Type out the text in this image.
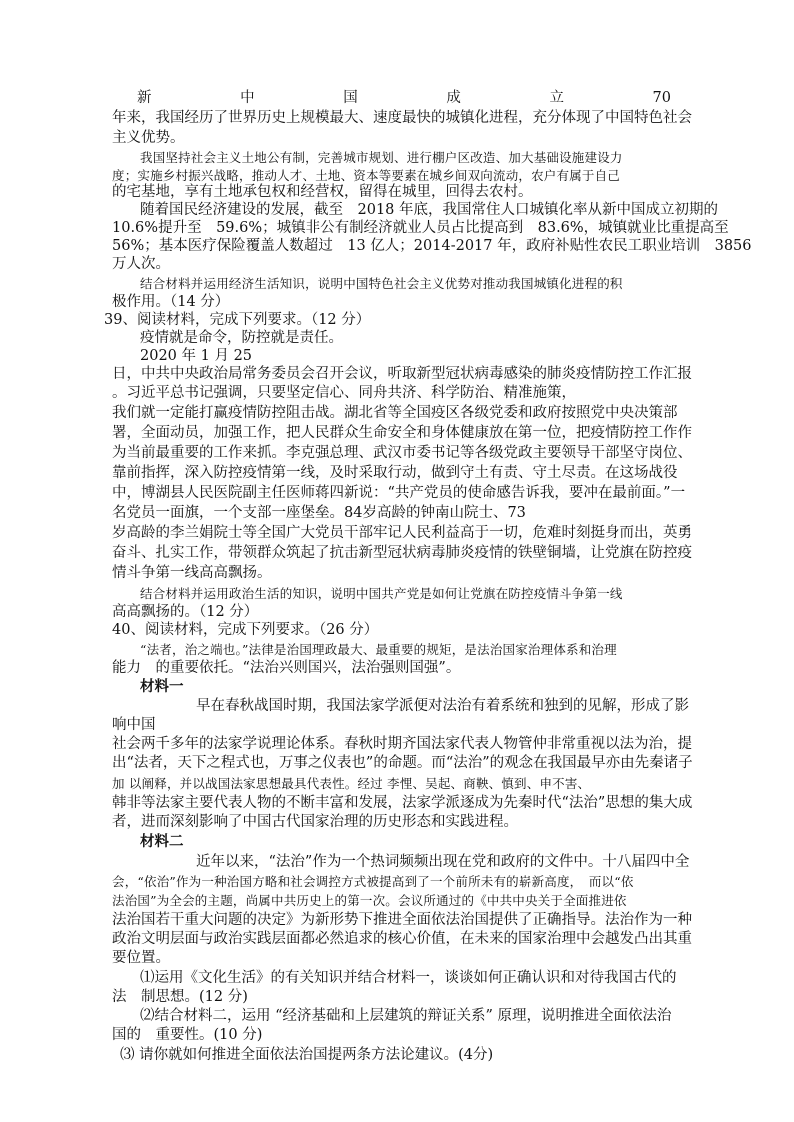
新	中	国	成	立	70
年来，我国经历了世界历史上规模最大、速度最快的城镇化进程，充分体现了中国特色社会
主义优势。
我国坚持社会主义土地公有制，完善城市规划、进行棚户区改造、加大基础设施建设力
度；实施乡村振兴战略，推动人才、土地、资本等要素在城乡间双向流动，农户有属于自己
的宅基地，享有土地承包权和经营权，留得在城里，回得去农村。
随着国民经济建设的发展，截至　2018 年底，我国常住人口城镇化率从新中国成立初期的
10.6%提升至　59.6%；城镇非公有制经济就业人员占比提高到　83.6%，城镇就业比重提高至
56%；基本医疗保险覆盖人数超过　13 亿人；2014-2017 年，政府补贴性农民工职业培训　3856
万人次。
结合材料并运用经济生活知识，说明中国特色社会主义优势对推动我国城镇化进程的积
极作用。（14 分）
39、阅读材料，完成下列要求。（12 分）
疫情就是命令，防控就是责任。
2020 年 1 月 25
日，中共中央政治局常务委员会召开会议，听取新型冠状病毒感染的肺炎疫情防控工作汇报
。习近平总书记强调，只要坚定信心、同舟共济、科学防治、精准施策，
我们就一定能打赢疫情防控阻击战。湖北省等全国疫区各级党委和政府按照党中央决策部
署，全面动员，加强工作，把人民群众生命安全和身体健康放在第一位，把疫情防控工作作
为当前最重要的工作来抓。李克强总理、武汉市委书记等各级党政主要领导干部坚守岗位、
靠前指挥，深入防控疫情第一线，及时采取行动，做到守土有责、守土尽责。在这场战役
中，博湖县人民医院副主任医师蒋四新说：“共产党员的使命感告诉我，要冲在最前面。”一
名党员一面旗，一个支部一座堡垒。84岁高龄的钟南山院士、73
岁高龄的李兰娟院士等全国广大党员干部牢记人民利益高于一切，危难时刻挺身而出，英勇
奋斗、扎实工作，带领群众筑起了抗击新型冠状病毒肺炎疫情的铁壁铜墙，让党旗在防控疫
情斗争第一线高高飘扬。
结合材料并运用政治生活的知识，说明中国共产党是如何让党旗在防控疫情斗争第一线
高高飘扬的。（12 分）
40、阅读材料，完成下列要求。（26 分）
“法者，治之端也。”法律是治国理政最大、最重要的规矩，是法治国家治理体系和治理
能力　的重要依托。“法治兴则国兴，法治强则国强”。
材料一
早在春秋战国时期，我国法家学派便对法治有着系统和独到的见解，形成了影
响中国
社会两千多年的法家学说理论体系。春秋时期齐国法家代表人物管仲非常重视以法为治，提
出“法者，天下之程式也，万事之仪表也”的命题。而“法治”的观念在我国最早亦由先秦诸子
加 以阐释，并以战国法家思想最具代表性。经过 李悝、吴起、商鞅、慎到、申不害、
韩非等法家主要代表人物的不断丰富和发展，法家学派逐成为先秦时代“法治”思想的集大成
者，进而深刻影响了中国古代国家治理的历史形态和实践进程。
材料二
近年以来，“法治”作为一个热词频频出现在党和政府的文件中。十八届四中全
会，“依治”作为一种治国方略和社会调控方式被提高到了一个前所未有的崭新高度，　而以“依
法治国”为全会的主题，尚属中共历史上的第一次。会议所通过的《中共中央关于全面推进依
法治国若干重大问题的决定》为新形势下推进全面依法治国提供了正确指导。法治作为一种
政治文明层面与政治实践层面都必然追求的核心价值，在未来的国家治理中会越发凸出其重
要位置。
⑴运用《文化生活》的有关知识并结合材料一，谈谈如何正确认识和对待我国古代的
法　制思想。(12 分)
⑵结合材料二，运用 “经济基础和上层建筑的辩证关系” 原理，说明推进全面依法治
国的　重要性。(10 分)
⑶ 请你就如何推进全面依法治国提两条方法论建议。(4分)
